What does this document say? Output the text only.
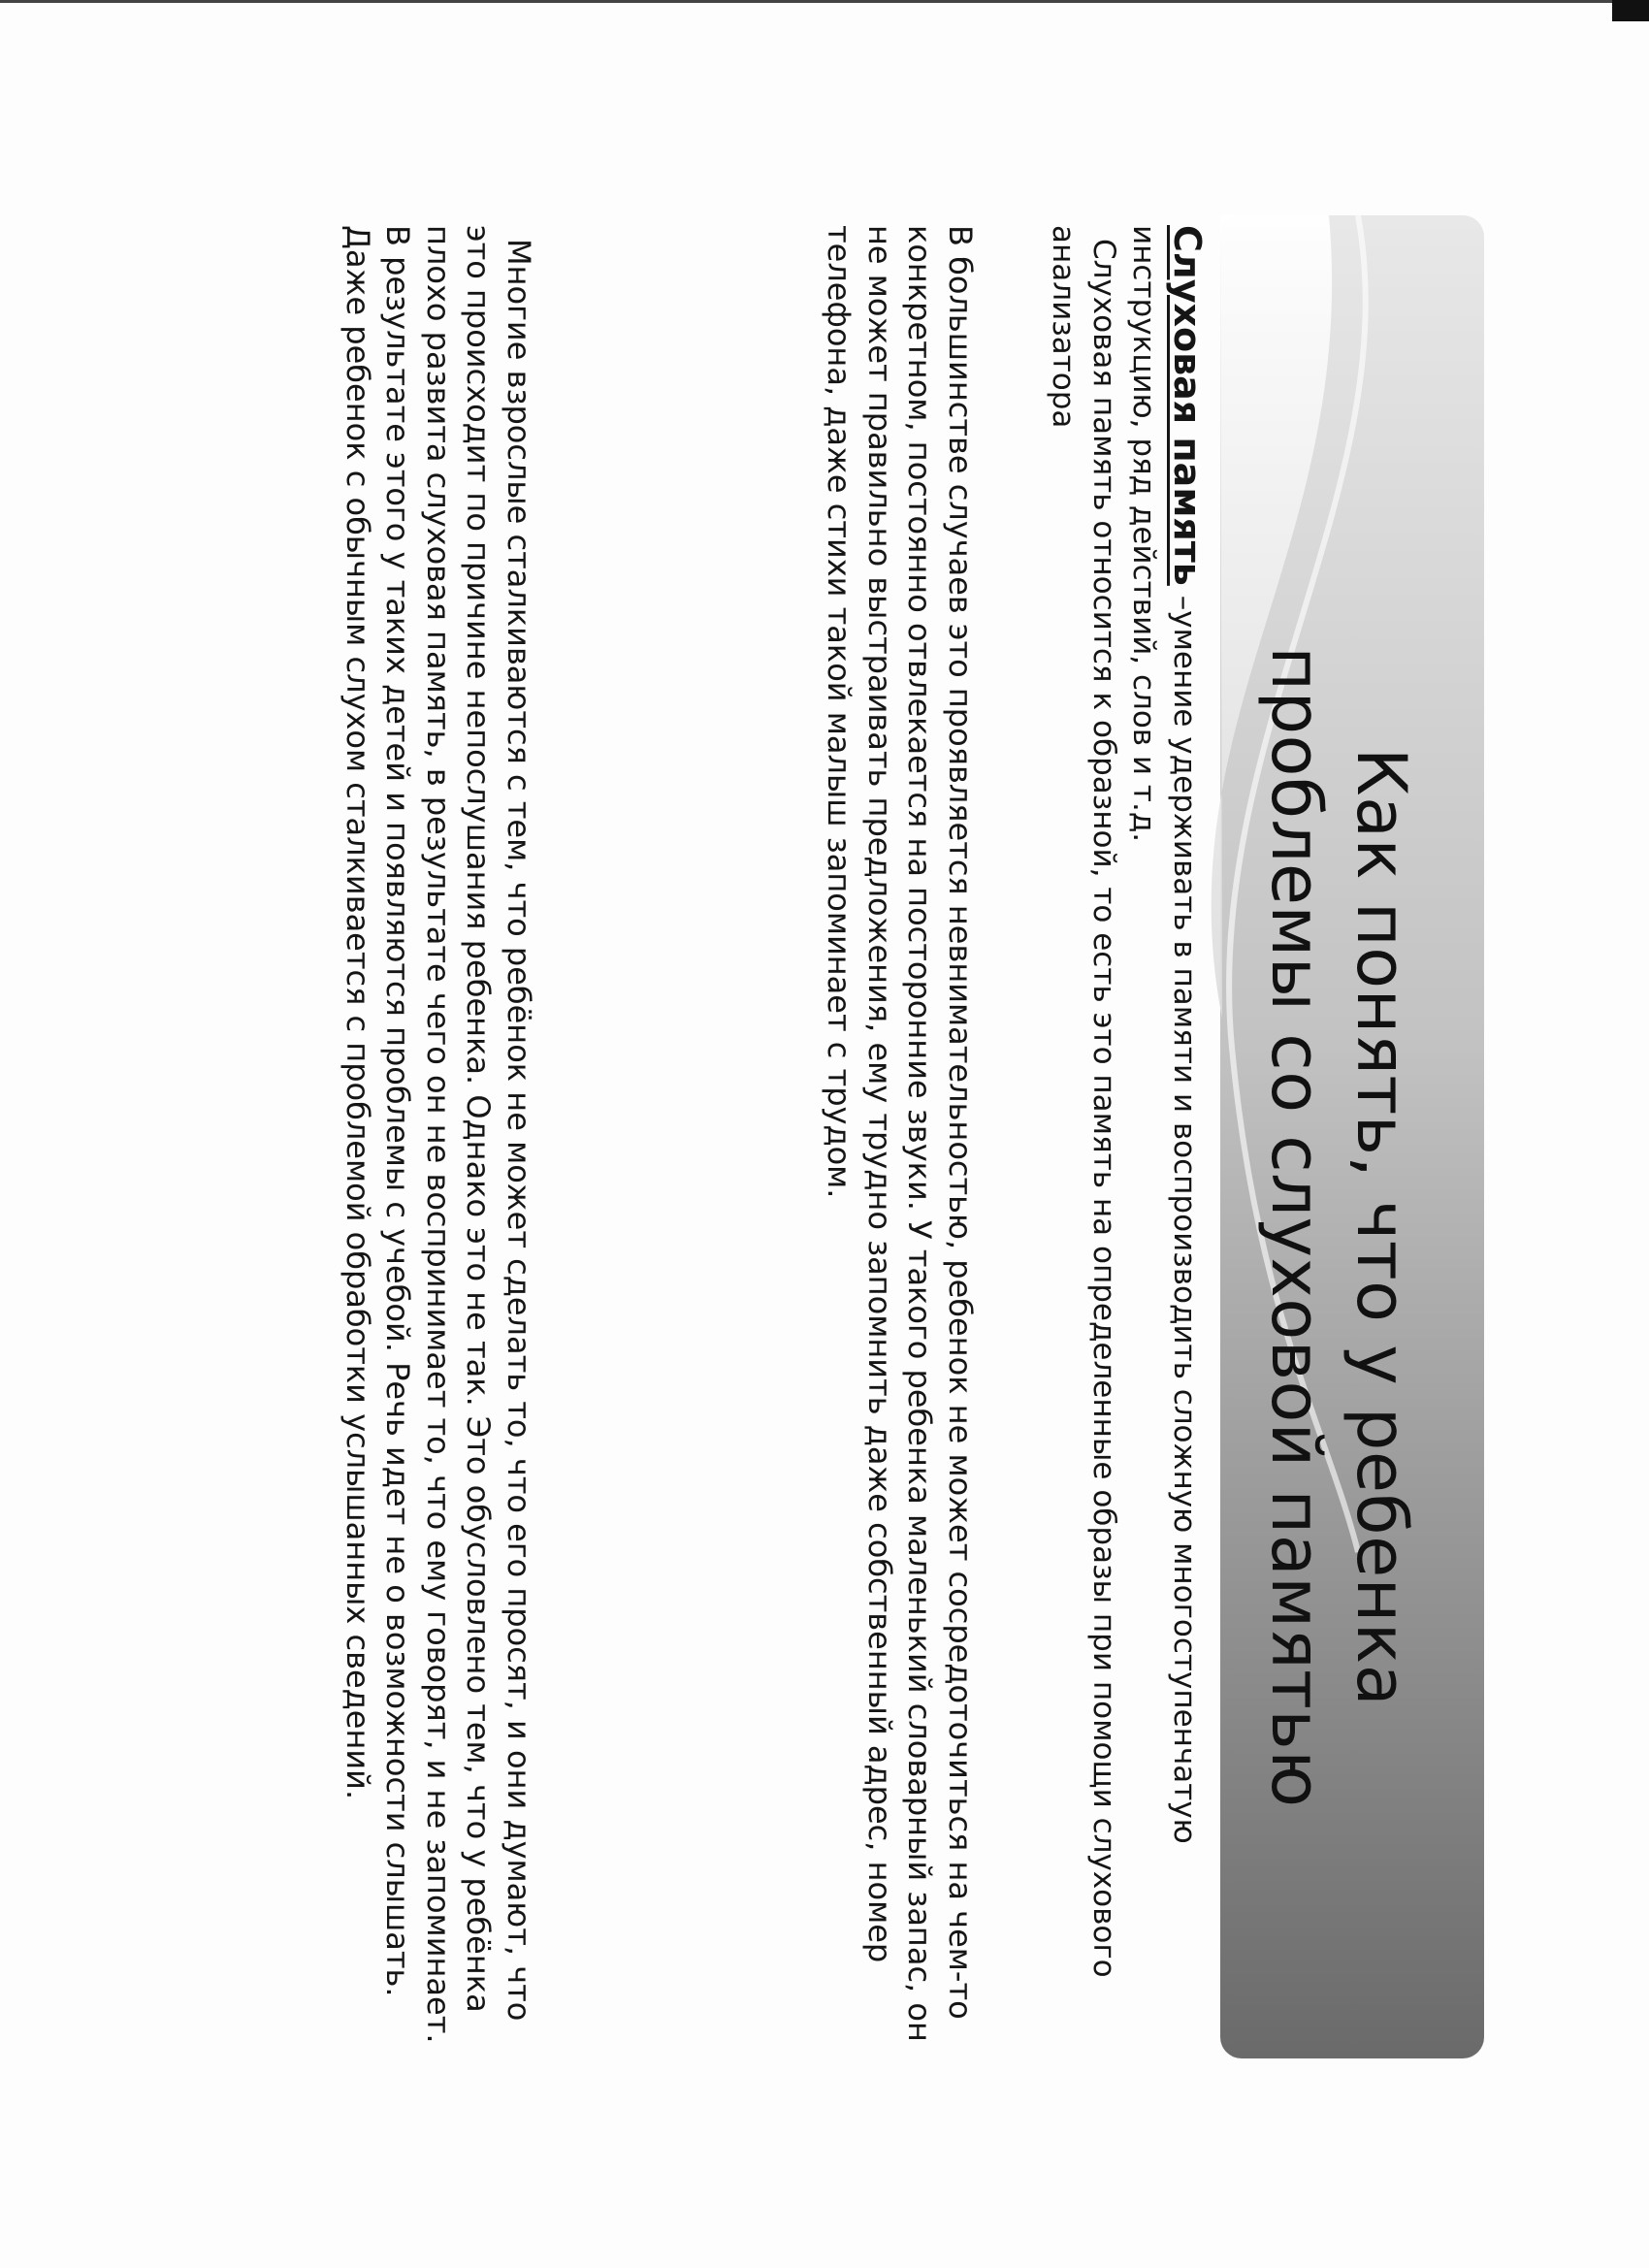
Как понять, что у ребенка проблемы со слуховой памятью

Слуховая память –умение удерживать в памяти и воспроизводить сложную многоступенчатую инструкцию, ряд действий, слов и т.д.

Слуховая память относится к образной, то есть это память на определенные образы при помощи слухового анализатора

В большинстве случаев это проявляется невнимательностью, ребенок не может сосредоточиться на чем-то конкретном, постоянно отвлекается на посторонние звуки. У такого ребенка маленький словарный запас, он не может правильно выстраивать предложения, ему трудно запомнить даже собственный адрес, номер телефона, даже стихи такой малыш запоминает с трудом.

Многие взрослые сталкиваются с тем, что ребёнок не может сделать то, что его просят, и они думают, что это происходит по причине непослушания ребенка. Однако это не так. Это обусловлено тем, что у ребёнка плохо развита слуховая память, в результате чего он не воспринимает то, что ему говорят, и не запоминает. В результате этого у таких детей и появляются проблемы с учебой. Речь идет не о возможности слышать. Даже ребенок с обычным слухом сталкивается с проблемой обработки услышанных сведений.
